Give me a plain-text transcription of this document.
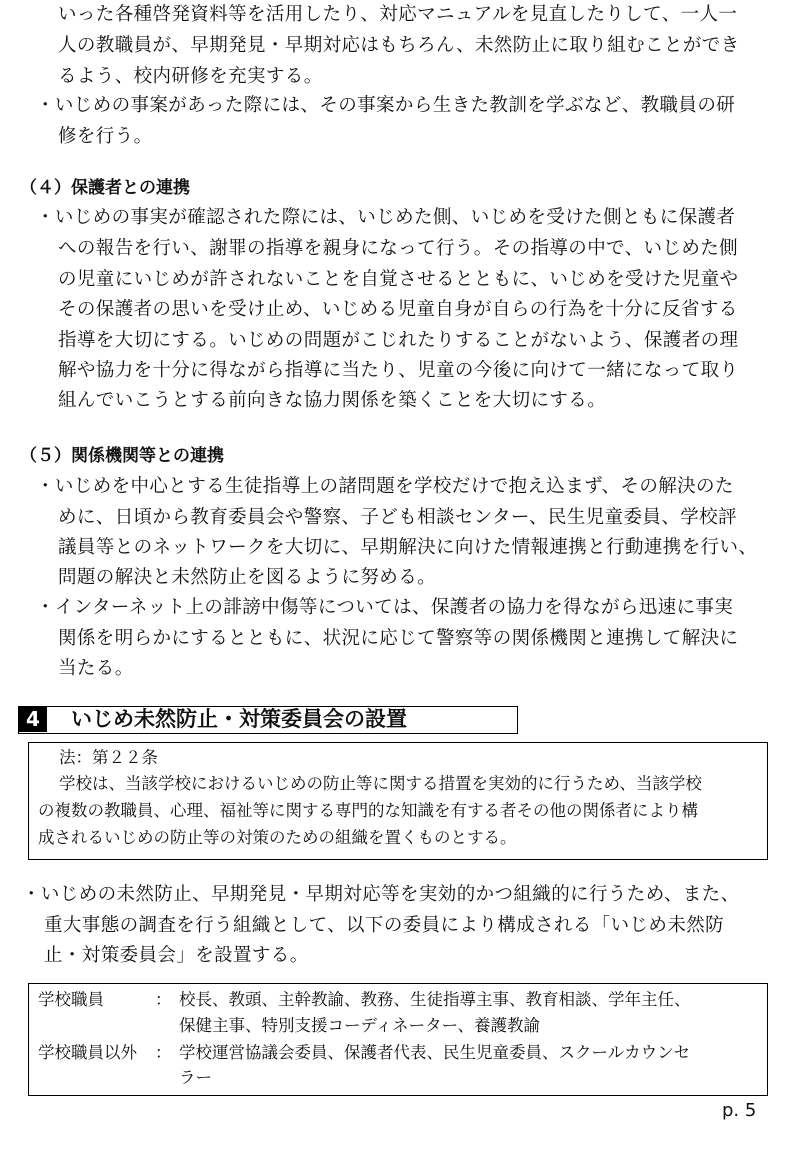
いった各種啓発資料等を活用したり、対応マニュアルを見直したりして、一人一
人の教職員が、早期発見・早期対応はもちろん、未然防止に取り組むことができ
るよう、校内研修を充実する。
・いじめの事案があった際には、その事案から生きた教訓を学ぶなど、教職員の研
修を行う。
（４）保護者との連携
・いじめの事実が確認された際には、いじめた側、いじめを受けた側ともに保護者
への報告を行い、謝罪の指導を親身になって行う。その指導の中で、いじめた側
の児童にいじめが許されないことを自覚させるとともに、いじめを受けた児童や
その保護者の思いを受け止め、いじめる児童自身が自らの行為を十分に反省する
指導を大切にする。いじめの問題がこじれたりすることがないよう、保護者の理
解や協力を十分に得ながら指導に当たり、児童の今後に向けて一緒になって取り
組んでいこうとする前向きな協力関係を築くことを大切にする。
（５）関係機関等との連携
・いじめを中心とする生徒指導上の諸問題を学校だけで抱え込まず、その解決のた
めに、日頃から教育委員会や警察、子ども相談センター、民生児童委員、学校評
議員等とのネットワークを大切に、早期解決に向けた情報連携と行動連携を行い、
問題の解決と未然防止を図るように努める。
・インターネット上の誹謗中傷等については、保護者の協力を得ながら迅速に事実
関係を明らかにするとともに、状況に応じて警察等の関係機関と連携して解決に
当たる。
4	いじめ未然防止・対策委員会の設置
法：第２２条
学校は、当該学校におけるいじめの防止等に関する措置を実効的に行うため、当該学校
の複数の教職員、心理、福祉等に関する専門的な知識を有する者その他の関係者により構
成されるいじめの防止等の対策のための組織を置くものとする。
・いじめの未然防止、早期発見・早期対応等を実効的かつ組織的に行うため、また、
重大事態の調査を行う組織として、以下の委員により構成される「いじめ未然防
止・対策委員会」を設置する。
学校職員	： 校長、教頭、主幹教諭、教務、生徒指導主事、教育相談、学年主任、
保健主事、特別支援コーディネーター、養護教諭
学校職員以外 ： 学校運営協議会委員、保護者代表、民生児童委員、スクールカウンセ
ラー
p. 5
